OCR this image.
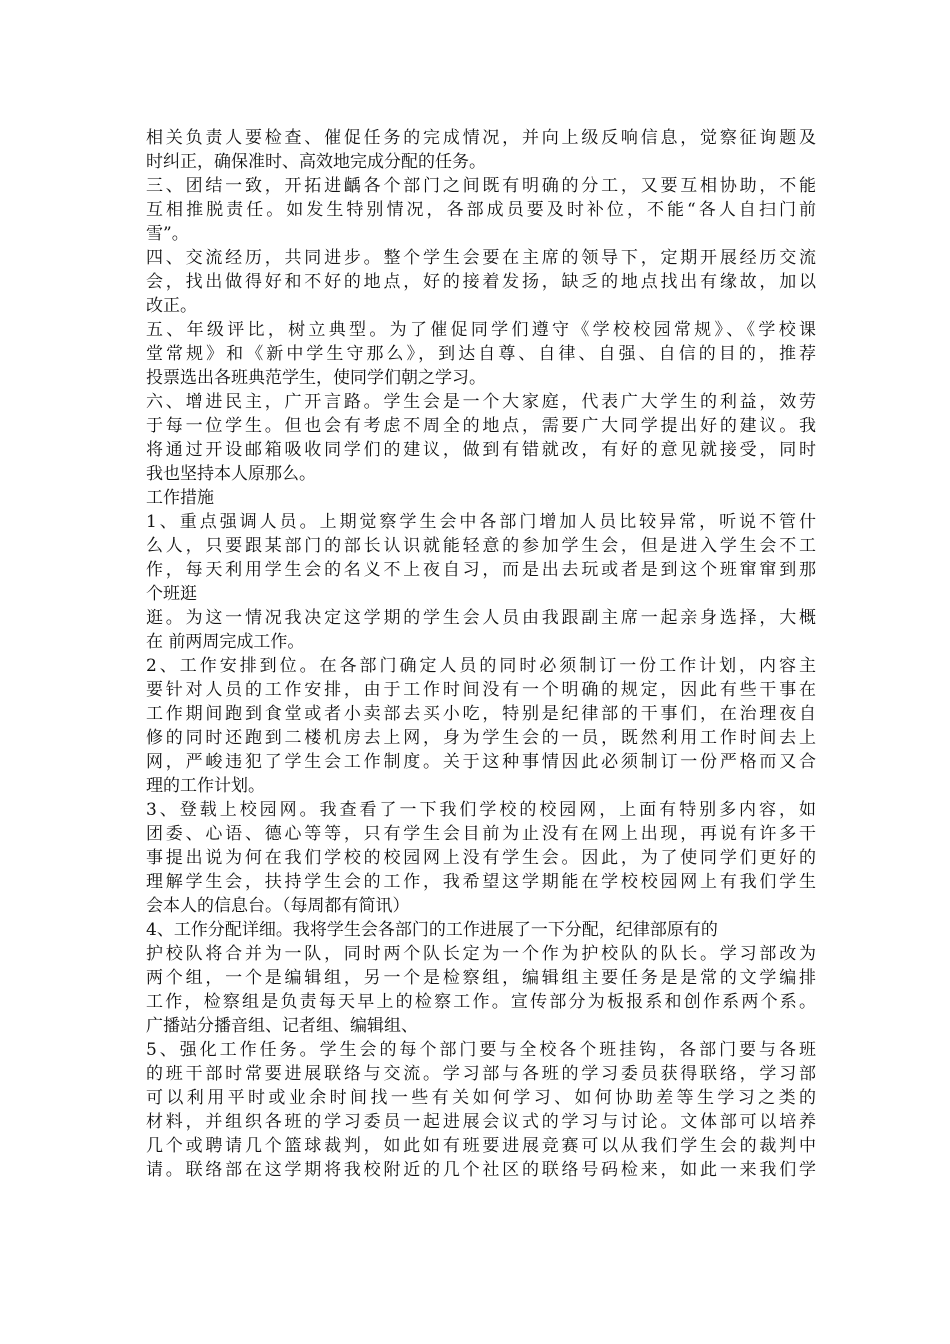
相关负责人要检查、催促任务的完成情况，并向上级反响信息，觉察征询题及
时纠正，确保准时、高效地完成分配的任务。
三、团结一致，开拓进齲各个部门之间既有明确的分工，又要互相协助，不能
互相推脱责任。如发生特别情况，各部成员要及时补位，不能“各人自扫门前
雪”。
四、交流经历，共同进步。整个学生会要在主席的领导下，定期开展经历交流
会，找出做得好和不好的地点，好的接着发扬，缺乏的地点找出有缘故，加以
改正。
五、年级评比，树立典型。为了催促同学们遵守《学校校园常规》、《学校课
堂常规》和《新中学生守那么》，到达自尊、自律、自强、自信的目的，推荐
投票选出各班典范学生，使同学们朝之学习。
六、增进民主，广开言路。学生会是一个大家庭，代表广大学生的利益，效劳
于每一位学生。但也会有考虑不周全的地点，需要广大同学提出好的建议。我
将通过开设邮箱吸收同学们的建议，做到有错就改，有好的意见就接受，同时
我也坚持本人原那么。
工作措施
1、重点强调人员。上期觉察学生会中各部门增加人员比较异常，听说不管什
么人，只要跟某部门的部长认识就能轻意的参加学生会，但是进入学生会不工
作，每天利用学生会的名义不上夜自习，而是出去玩或者是到这个班窜窜到那
个班逛
逛。为这一情况我决定这学期的学生会人员由我跟副主席一起亲身选择，大概
在 前两周完成工作。
2、工作安排到位。在各部门确定人员的同时必须制订一份工作计划，内容主
要针对人员的工作安排，由于工作时间没有一个明确的规定，因此有些干事在
工作期间跑到食堂或者小卖部去买小吃，特别是纪律部的干事们，在治理夜自
修的同时还跑到二楼机房去上网，身为学生会的一员，既然利用工作时间去上
网，严峻违犯了学生会工作制度。关于这种事情因此必须制订一份严格而又合
理的工作计划。
3、登载上校园网。我查看了一下我们学校的校园网，上面有特别多内容，如
团委、心语、德心等等，只有学生会目前为止没有在网上出现，再说有许多干
事提出说为何在我们学校的校园网上没有学生会。因此，为了使同学们更好的
理解学生会，扶持学生会的工作，我希望这学期能在学校校园网上有我们学生
会本人的信息台。（每周都有简讯）
4、工作分配详细。我将学生会各部门的工作进展了一下分配，纪律部原有的
护校队将合并为一队，同时两个队长定为一个作为护校队的队长。学习部改为
两个组，一个是编辑组，另一个是检察组，编辑组主要任务是是常的文学编排
工作，检察组是负责每天早上的检察工作。宣传部分为板报系和创作系两个系。
广播站分播音组、记者组、编辑组、
5、强化工作任务。学生会的每个部门要与全校各个班挂钩，各部门要与各班
的班干部时常要进展联络与交流。学习部与各班的学习委员获得联络，学习部
可以利用平时或业余时间找一些有关如何学习、如何协助差等生学习之类的
材料，并组织各班的学习委员一起进展会议式的学习与讨论。文体部可以培养
几个或聘请几个篮球裁判，如此如有班要进展竞赛可以从我们学生会的裁判中
请。联络部在这学期将我校附近的几个社区的联络号码检来，如此一来我们学
